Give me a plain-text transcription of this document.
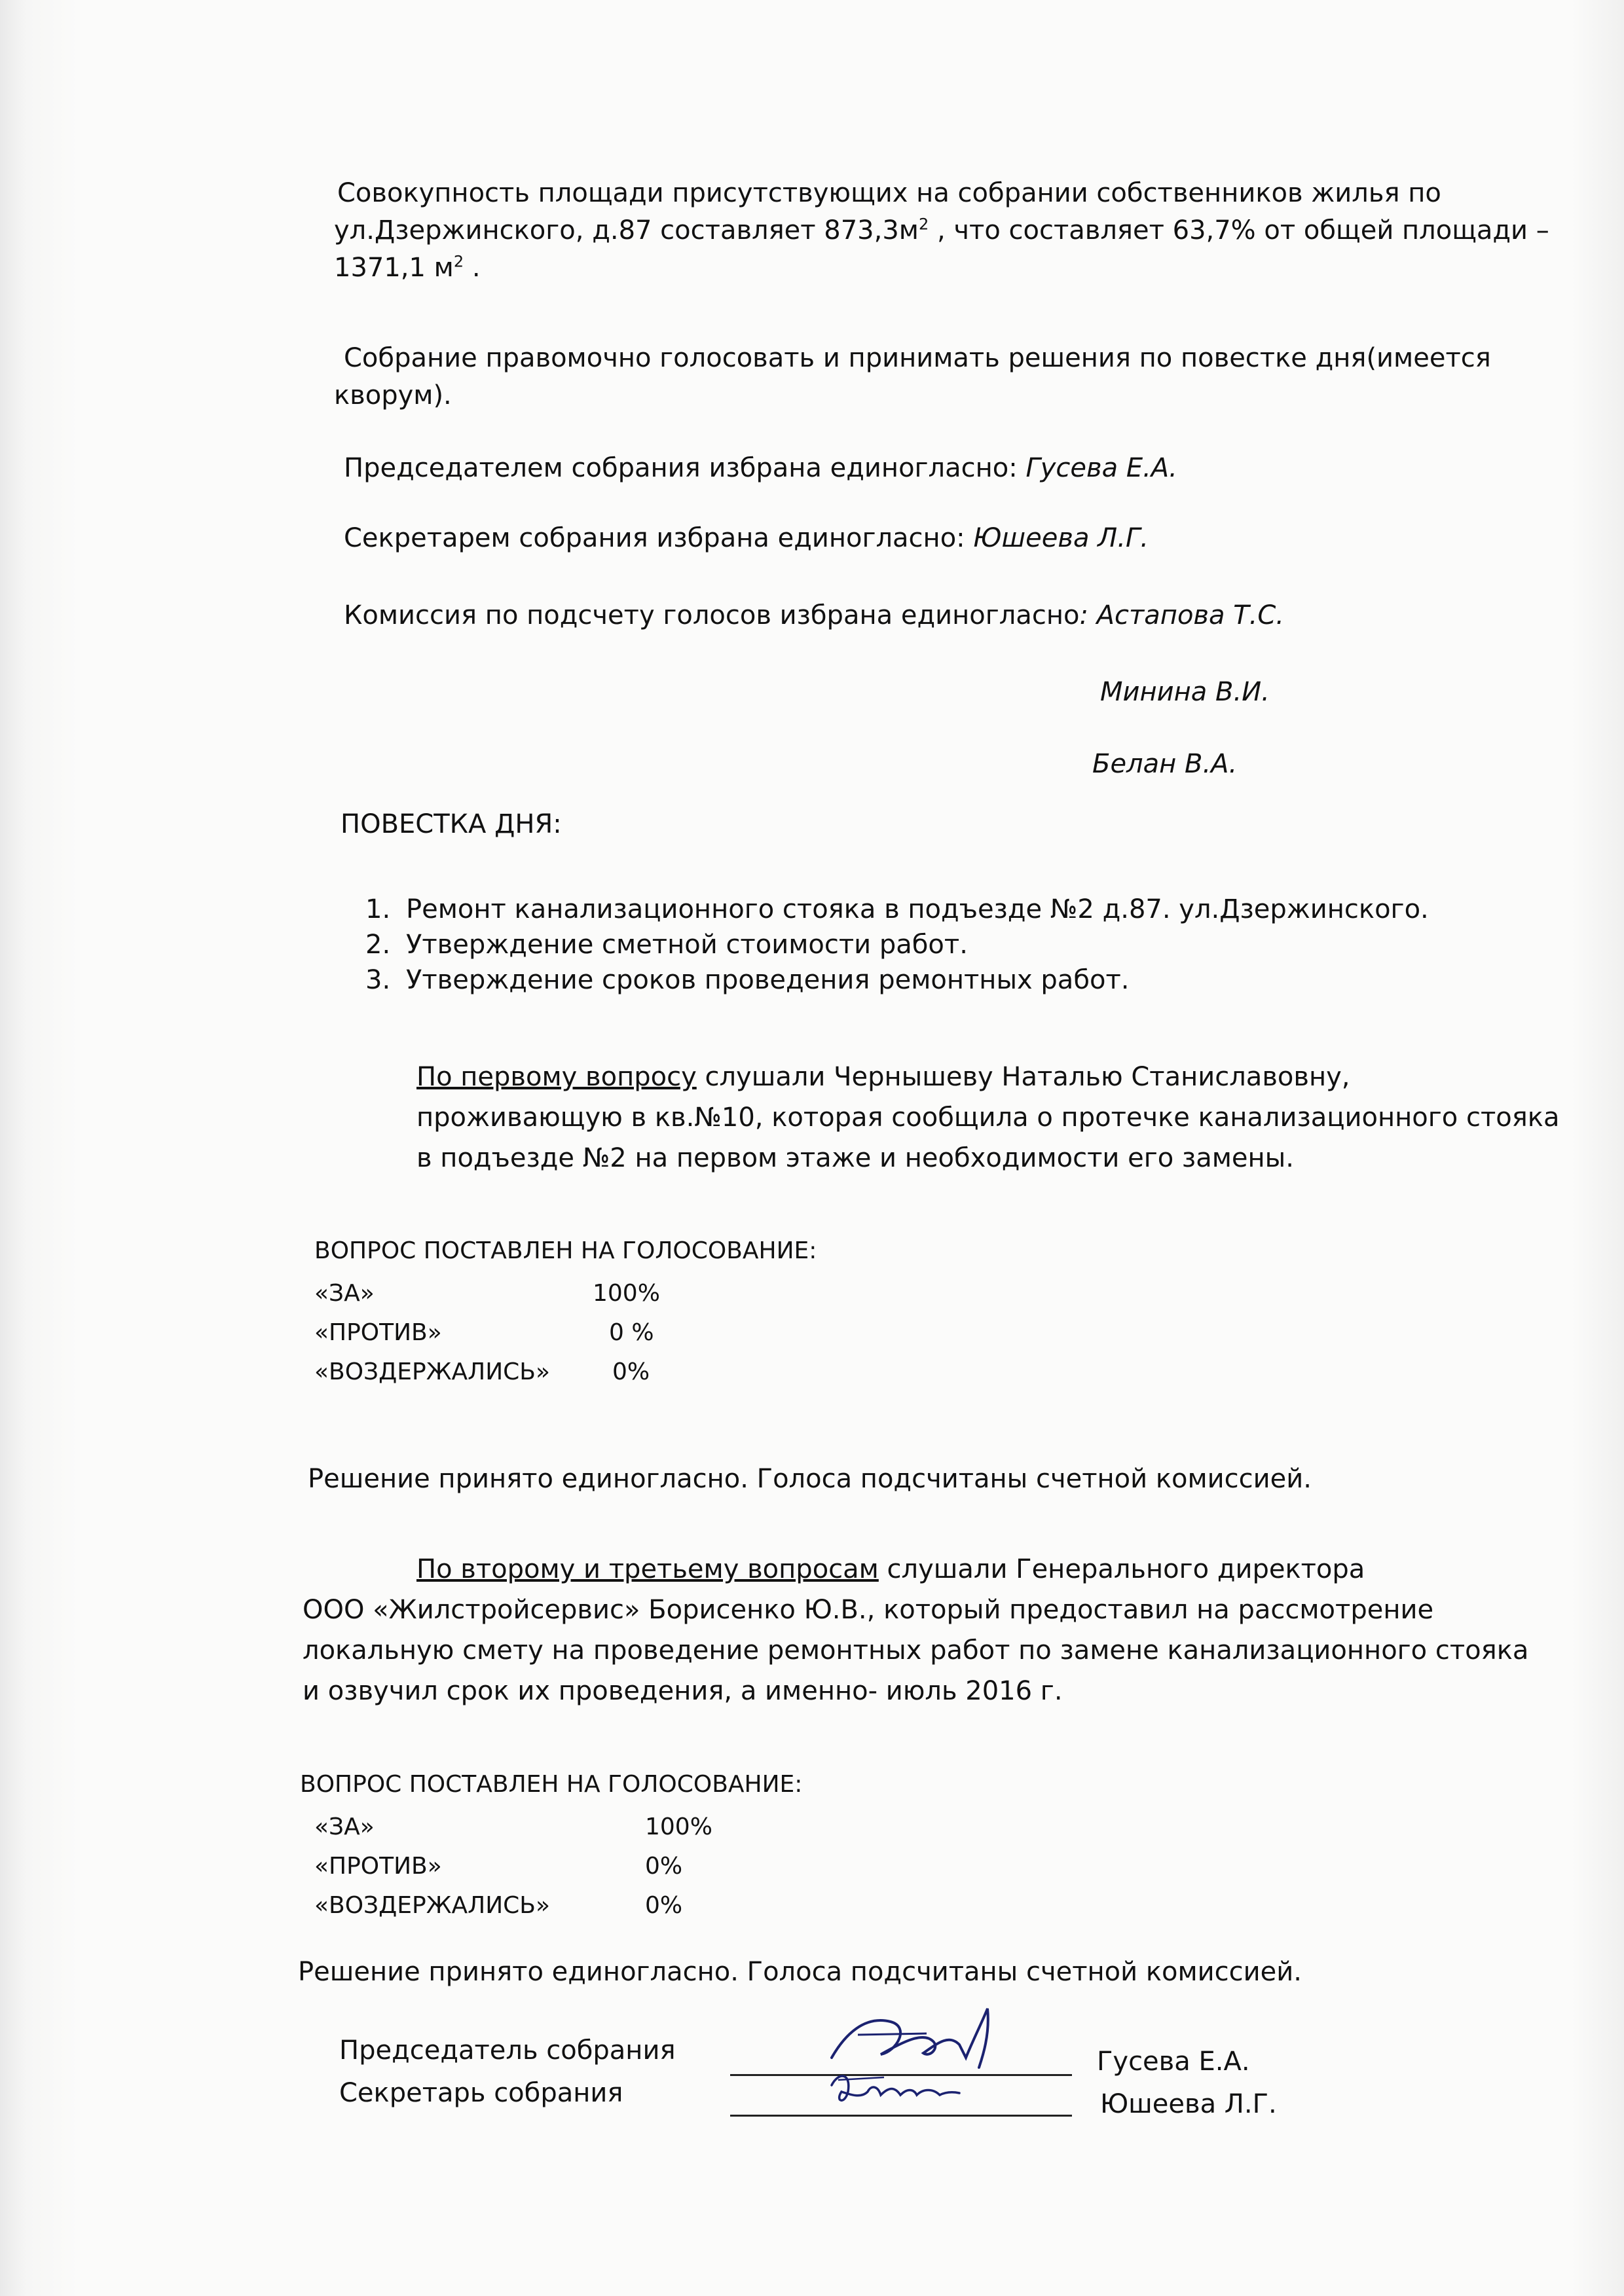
Совокупность площади присутствующих на собрании собственников жилья по
ул.Дзержинского, д.87 составляет $873,3м^2$ , что составляет 63,7% от общей площади –
1371,1 $м^2$ .
Собрание правомочно голосовать и принимать решения по повестке дня(имеется
кворум).
Председателем собрания избрана единогласно: Гусева Е.А.
Секретарем собрания избрана единогласно: Юшеева Л.Г.
Комиссия по подсчету голосов избрана единогласно: Астапова Т.С.
Минина В.И.
Белан В.А.
ПОВЕСТКА ДНЯ:
1. Ремонт канализационного стояка в подъезде №2 д.87. ул.Дзержинского.
2. Утверждение сметной стоимости работ.
3. Утверждение сроков проведения ремонтных работ.
По первому вопросу слушали Чернышеву Наталью Станиславовну,
проживающую в кв.№10, которая сообщила о протечке канализационного стояка
в подъезде №2 на первом этаже и необходимости его замены.
ВОПРОС ПОСТАВЛЕН НА ГОЛОСОВАНИЕ:
«ЗА»	100%
«ПРОТИВ»	0 %
«ВОЗДЕРЖАЛИСЬ»	0%
Решение принято единогласно. Голоса подсчитаны счетной комиссией.
По второму и третьему вопросам слушали Генерального директора
ООО «Жилстройсервис» Борисенко Ю.В., который предоставил на рассмотрение
локальную смету на проведение ремонтных работ по замене канализационного стояка
и озвучил срок их проведения, а именно- июль 2016 г.
ВОПРОС ПОСТАВЛЕН НА ГОЛОСОВАНИЕ:
«ЗА»	100%
«ПРОТИВ»	0%
«ВОЗДЕРЖАЛИСЬ»	0%
Решение принято единогласно. Голоса подсчитаны счетной комиссией.
Председатель собрания	Гусева Е.А.
Секретарь собрания	Юшеева Л.Г.
